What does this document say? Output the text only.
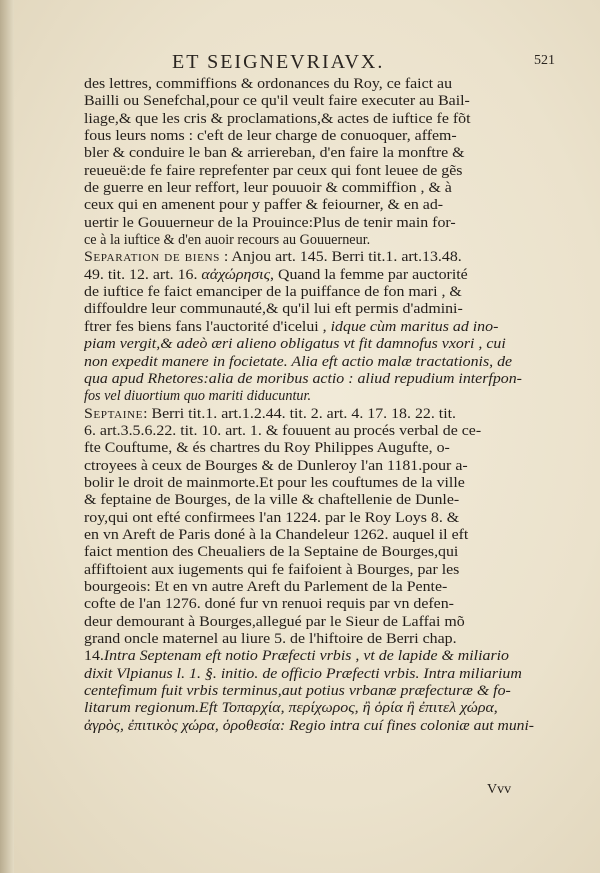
ET SEIGNEVRIAVX.	521
des lettres, commiffions & ordonances du Roy, ce faict au
Bailli ou Senefchal,pour ce qu'il veult faire executer au Bail-
liage,& que les cris & proclamations,& actes de iuftice fe fõt
fous leurs noms : c'eft de leur charge de conuoquer, affem-
bler & conduire le ban & arriereban, d'en faire la monftre &
reueuë:de fe faire reprefenter par ceux qui font leuee de gẽs
de guerre en leur reffort, leur pouuoir & commiffion , & à
ceux qui en amenent pour y paffer & feiourner, & en ad-
uertir le Gouuerneur de la Prouince:Plus de tenir main for-
ce à la iuftice & d'en auoir recours au Gouuerneur.
Separation de biens : Anjou art. 145. Berri tit.1. art.13.48.
49. tit. 12. art. 16. αἀχώρησις, Quand la femme par auctorité
de iuftice fe faict emanciper de la puiffance de fon mari , &
diffouldre leur communauté,& qu'il lui eft permis d'admini-
ftrer fes biens fans l'auctorité d'icelui , idque cùm maritus ad ino-
piam vergit,& adeò æri alieno obligatus vt fit damnofus vxori , cui
non expedit manere in focietate. Alia eft actio malæ tractationis, de
qua apud Rhetores:alia de moribus actio : aliud repudium interfpon-
fos vel diuortium quo mariti diducuntur.
Septaine: Berri tit.1. art.1.2.44. tit. 2. art. 4. 17. 18. 22. tit.
6. art.3.5.6.22. tit. 10. art. 1. & fouuent au procés verbal de ce-
fte Couftume, & és chartres du Roy Philippes Augufte, o-
ctroyees à ceux de Bourges & de Dunleroy l'an 1181.pour a-
bolir le droit de mainmorte.Et pour les couftumes de la ville
& feptaine de Bourges, de la ville & chaftellenie de Dunle-
roy,qui ont efté confirmees l'an 1224. par le Roy Loys 8. &
en vn Areft de Paris doné à la Chandeleur 1262. auquel il eft
faict mention des Cheualiers de la Septaine de Bourges,qui
affiftoient aux iugements qui fe faifoient à Bourges, par les
bourgeois: Et en vn autre Areft du Parlement de la Pente-
cofte de l'an 1276. doné fur vn renuoi requis par vn defen-
deur demourant à Bourges,allegué par le Sieur de Laffai mõ
grand oncle maternel au liure 5. de l'hiftoire de Berri chap.
14.Intra Septenam eft notio Præfecti vrbis , vt de lapide & miliario
dixit Vlpianus l. 1. §. initio. de officio Præfecti vrbis. Intra miliarium
centefimum fuit vrbis terminus,aut potius vrbanæ præfecturæ & fo-
litarum regionum.Eft Τοπαρχία, περίχωρος, ἢ ὁρία ἢ ἐπιτελ χώρα,
ἀγρὸς, ἐπιτικὸς χώρα, ὁροθεσία: Regio intra cuí fines coloniæ aut muni-
Vvv
